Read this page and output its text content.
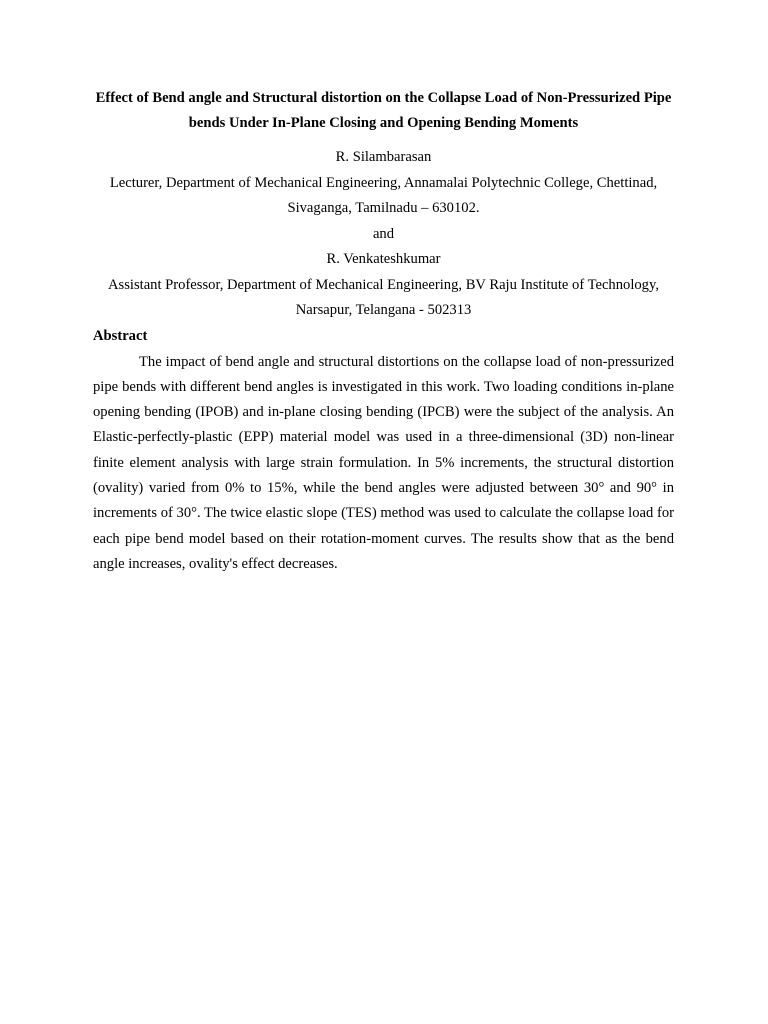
Effect of Bend angle and Structural distortion on the Collapse Load of Non-Pressurized Pipe bends Under In-Plane Closing and Opening Bending Moments

R. Silambarasan

Lecturer, Department of Mechanical Engineering, Annamalai Polytechnic College, Chettinad, Sivaganga, Tamilnadu – 630102.

and

R. Venkateshkumar

Assistant Professor, Department of Mechanical Engineering, BV Raju Institute of Technology, Narsapur, Telangana - 502313

Abstract

The impact of bend angle and structural distortions on the collapse load of non-pressurized pipe bends with different bend angles is investigated in this work. Two loading conditions in-plane opening bending (IPOB) and in-plane closing bending (IPCB) were the subject of the analysis. An Elastic-perfectly-plastic (EPP) material model was used in a three-dimensional (3D) non-linear finite element analysis with large strain formulation. In 5% increments, the structural distortion (ovality) varied from 0% to 15%, while the bend angles were adjusted between 30° and 90° in increments of 30°. The twice elastic slope (TES) method was used to calculate the collapse load for each pipe bend model based on their rotation-moment curves. The results show that as the bend angle increases, ovality's effect decreases.
